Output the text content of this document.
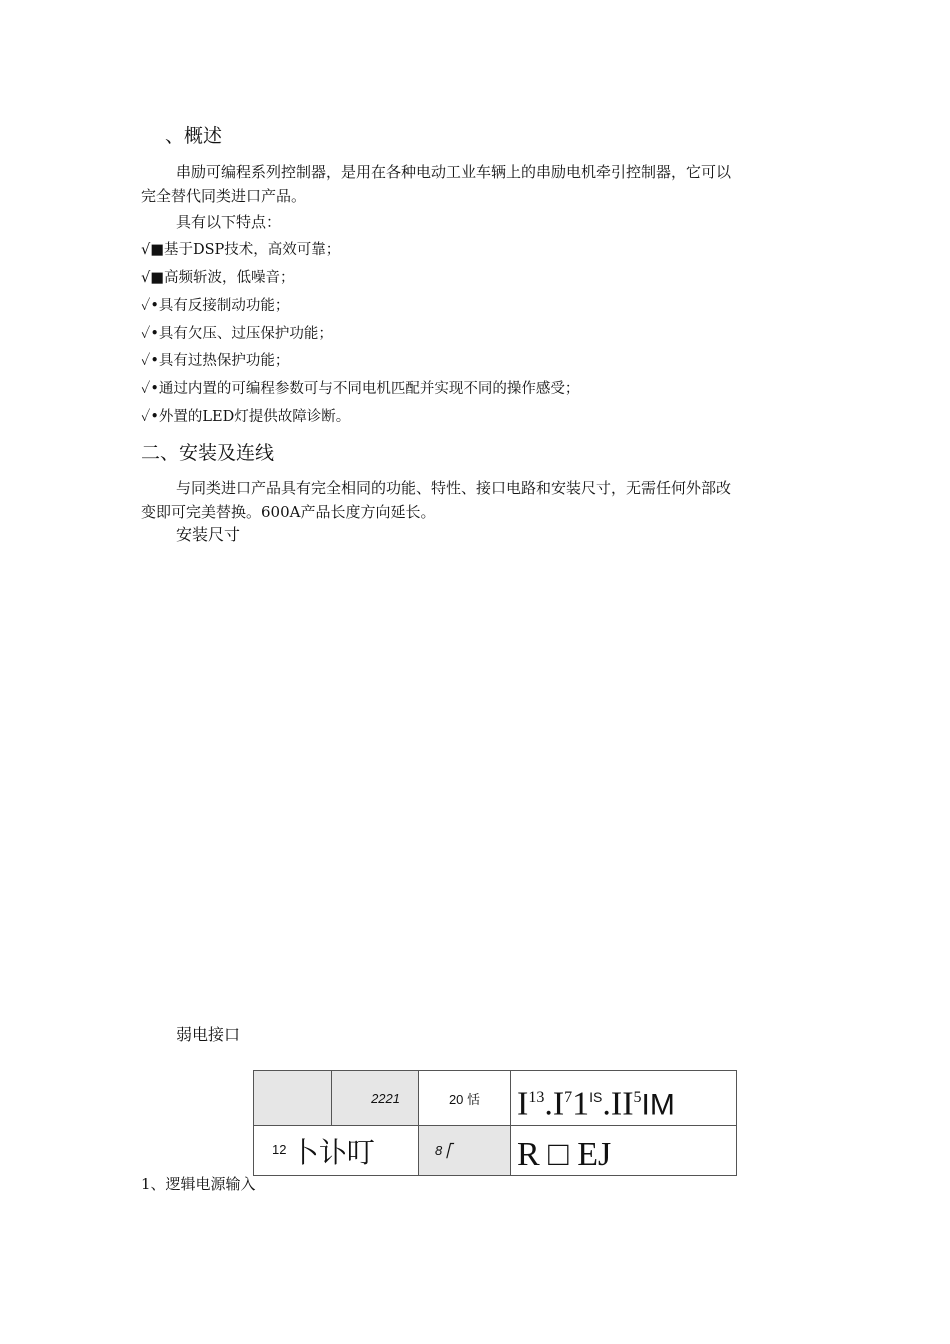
、概述
串励可编程系列控制器，是用在各种电动工业车辆上的串励电机牵引控制器，它可以
完全替代同类进口产品。
具有以下特点：
√■基于DSP技术，高效可靠；
√■高频斩波，低噪音；
✓•具有反接制动功能；
✓•具有欠压、过压保护功能；
✓•具有过热保护功能；
✓•通过内置的可编程参数可与不同电机匹配并实现不同的操作感受；
✓•外置的LED灯提供故障诊断。
二、安装及连线
与同类进口产品具有完全相同的功能、特性、接口电路和安装尺寸，无需任何外部改
变即可完美替换。600A产品长度方向延长。
安装尺寸
弱电接口
	2221	20 恬	$I^{13}.I^71^{IS}.II^5IM$
$^{12}$ 卜讣叮		8 ⎡	R □ EJ
1、逻辑电源输入
